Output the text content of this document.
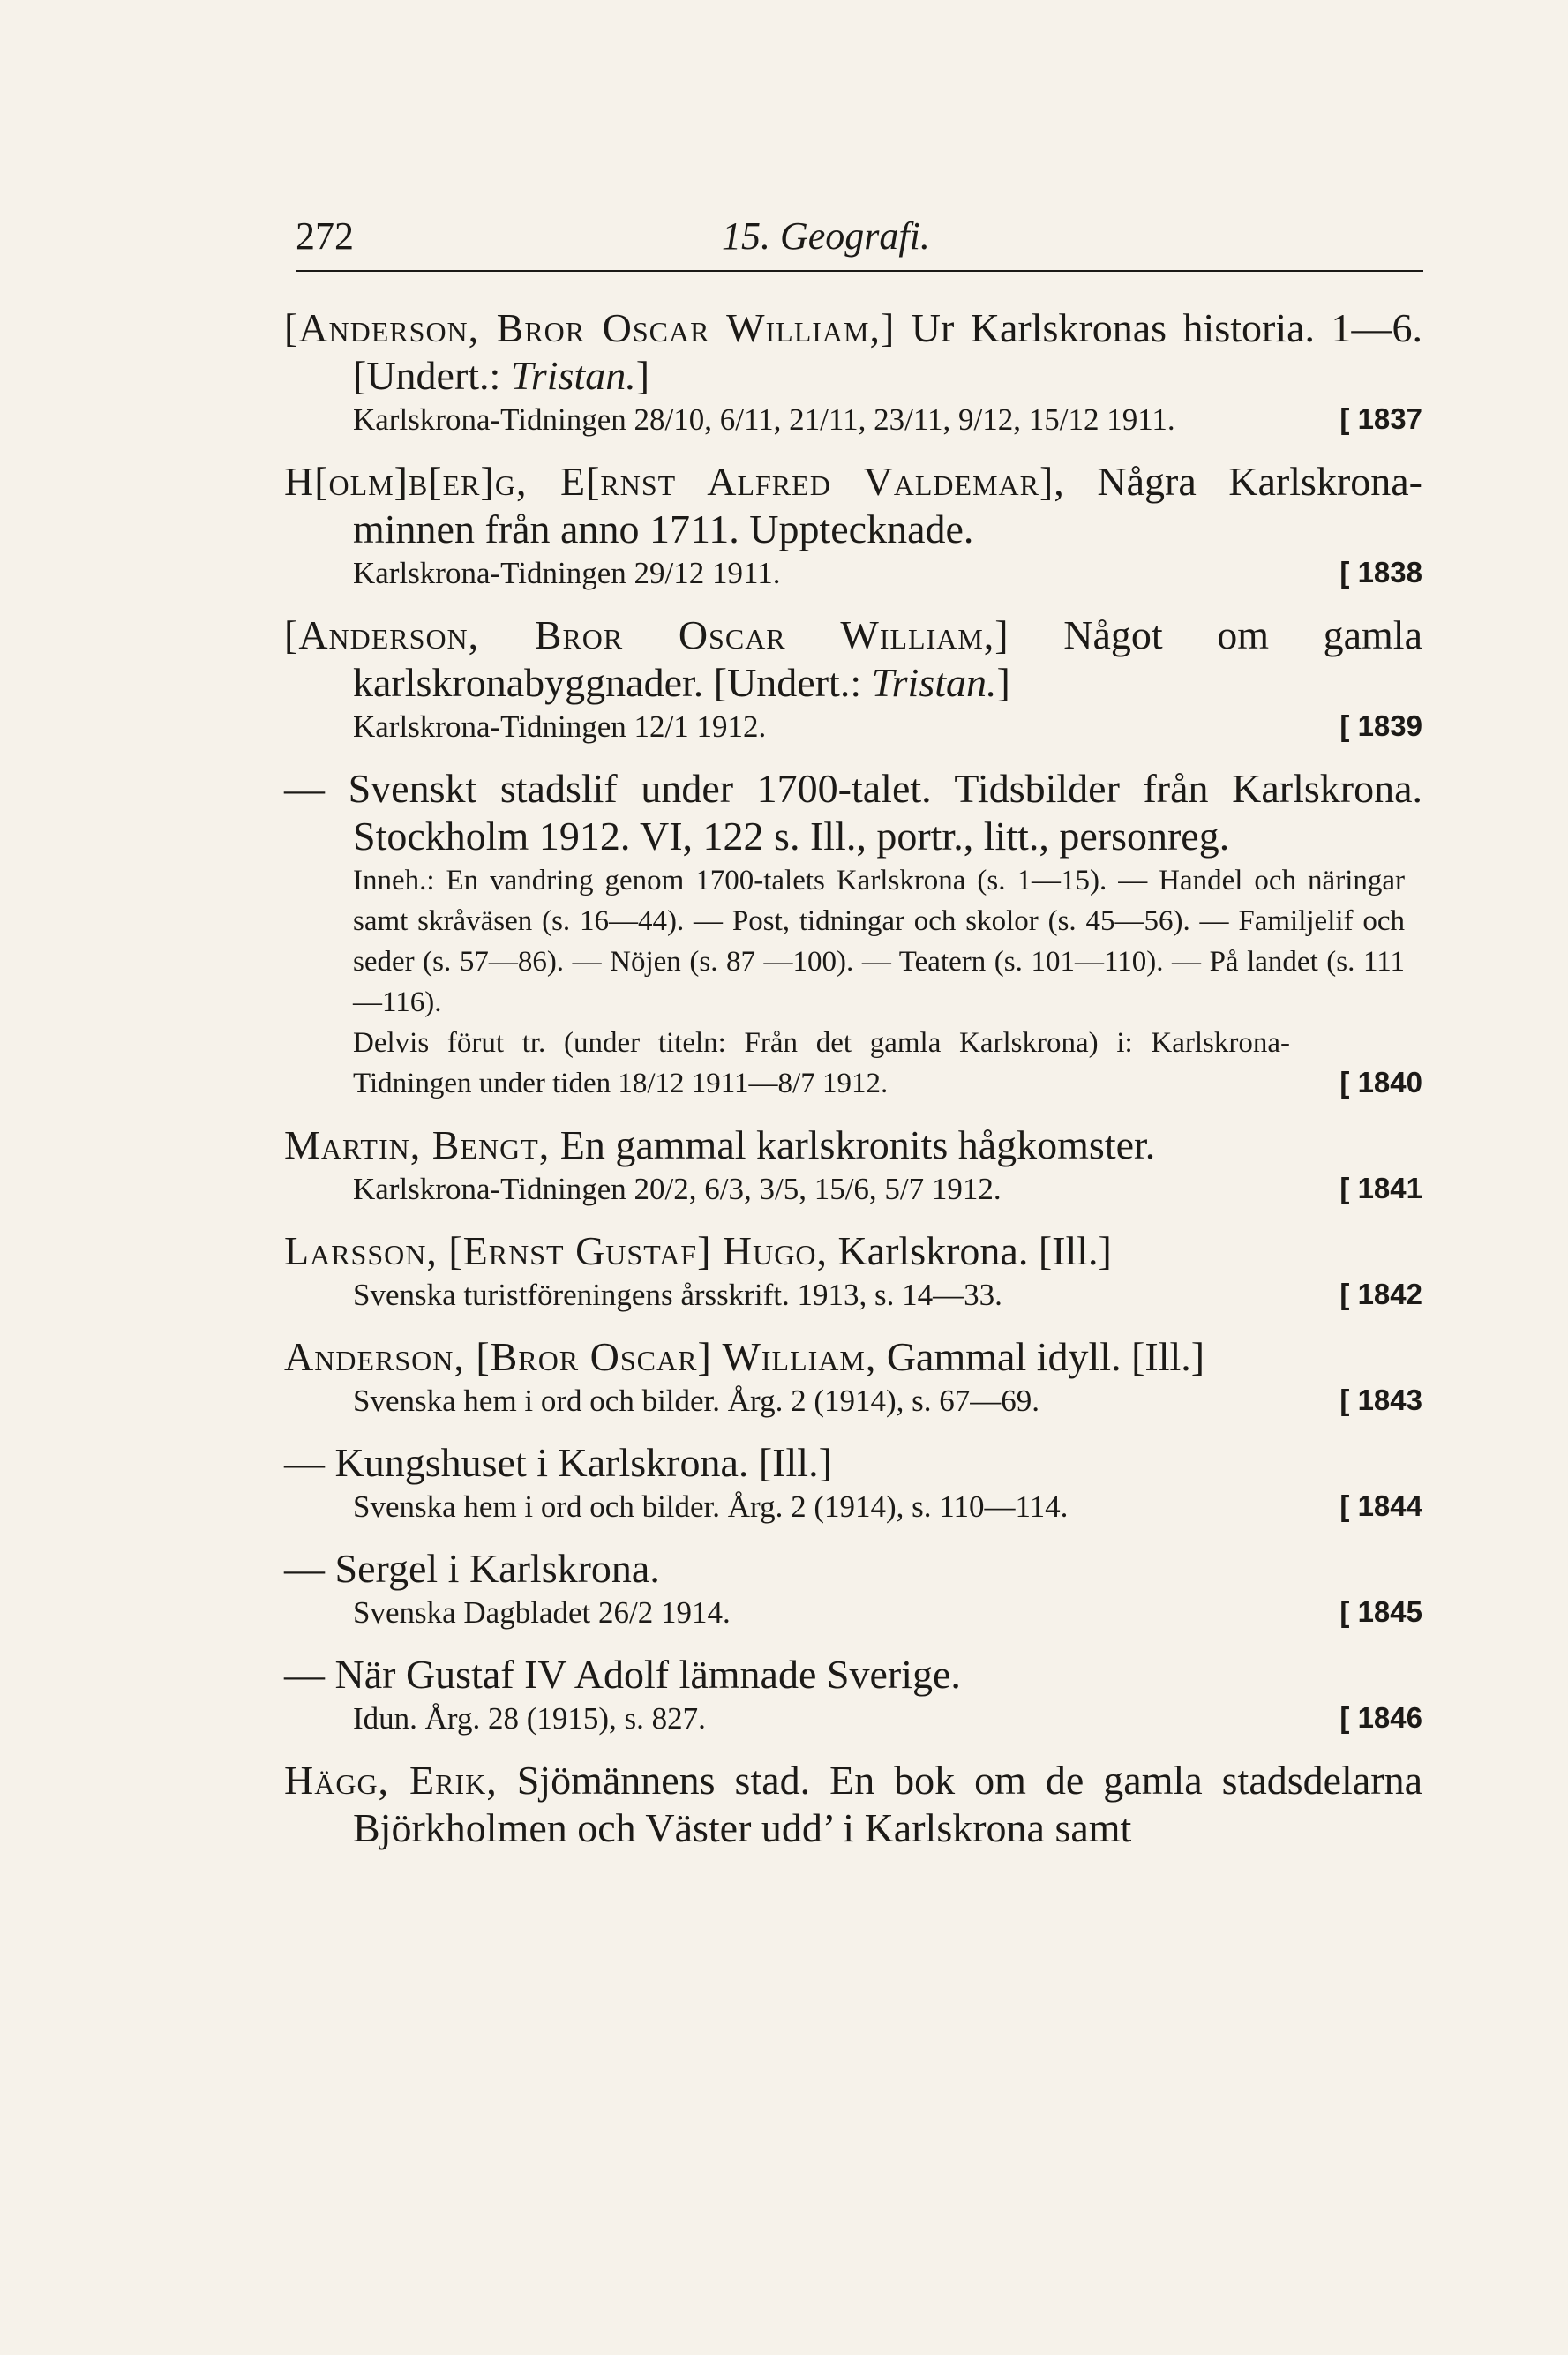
272	15. Geografi.
[Anderson, Bror Oscar William,] Ur Karlskronas historia. 1—6. [Undert.: Tristan.]
Karlskrona-Tidningen 28/10, 6/11, 21/11, 23/11, 9/12, 15/12 1911.	[ 1837
H[olm]b[er]g, E[rnst Alfred Valdemar], Några Karlskrona-minnen från anno 1711. Upptecknade.
Karlskrona-Tidningen 29/12 1911.	[ 1838
[Anderson, Bror Oscar William,] Något om gamla karlskronabyggnader. [Undert.: Tristan.]
Karlskrona-Tidningen 12/1 1912.	[ 1839
— Svenskt stadslif under 1700-talet. Tidsbilder från Karlskrona. Stockholm 1912. VI, 122 s. Ill., portr., litt., personreg.
Inneh.: En vandring genom 1700-talets Karlskrona (s. 1—15). — Handel och näringar samt skråväsen (s. 16—44). — Post, tidningar och skolor (s. 45—56). — Familjelif och seder (s. 57—86). — Nöjen (s. 87 —100). — Teatern (s. 101—110). — På landet (s. 111—116).
Delvis förut tr. (under titeln: Från det gamla Karlskrona) i: Karlskrona-Tidningen under tiden 18/12 1911—8/7 1912.	[ 1840
Martin, Bengt, En gammal karlskronits hågkomster.
Karlskrona-Tidningen 20/2, 6/3, 3/5, 15/6, 5/7 1912.	[ 1841
Larsson, [Ernst Gustaf] Hugo, Karlskrona. [Ill.]
Svenska turistföreningens årsskrift. 1913, s. 14—33.	[ 1842
Anderson, [Bror Oscar] William, Gammal idyll. [Ill.]
Svenska hem i ord och bilder. Årg. 2 (1914), s. 67—69.	[ 1843
— Kungshuset i Karlskrona. [Ill.]
Svenska hem i ord och bilder. Årg. 2 (1914), s. 110—114.	[ 1844
— Sergel i Karlskrona.
Svenska Dagbladet 26/2 1914.	[ 1845
— När Gustaf IV Adolf lämnade Sverige.
Idun. Årg. 28 (1915), s. 827.	[ 1846
Hägg, Erik, Sjömännens stad. En bok om de gamla stadsdelarna Björkholmen och Väster udd’ i Karlskrona samt
